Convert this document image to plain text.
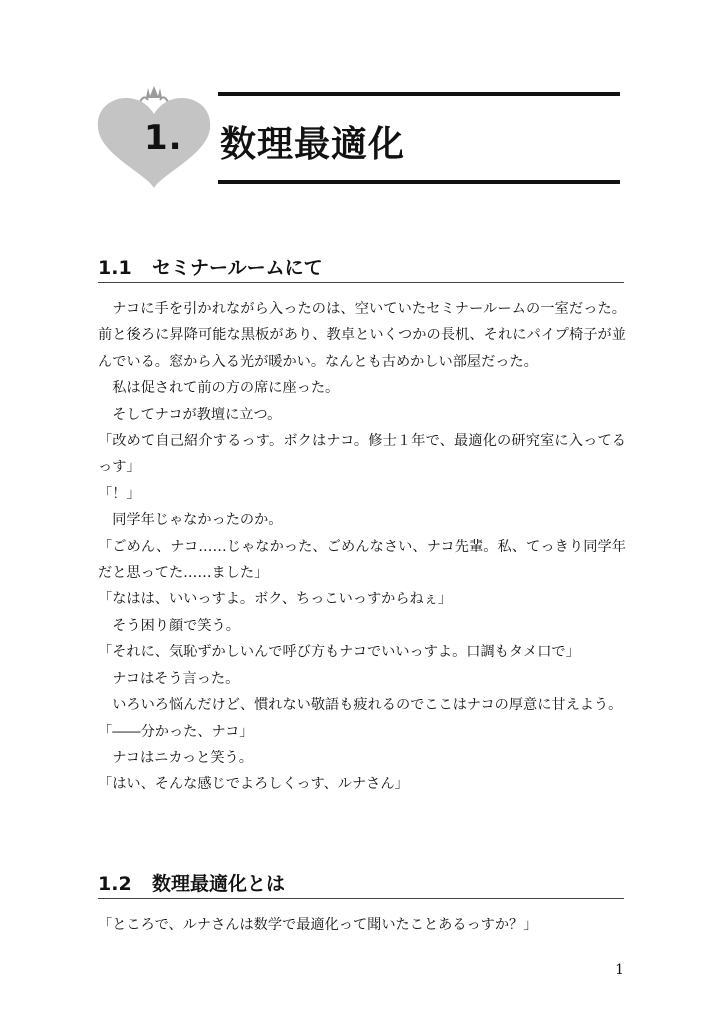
1. 数理最適化
1.1 セミナールームにて

ナコに手を引かれながら入ったのは、空いていたセミナールームの一室だった。前と後ろに昇降可能な黒板があり、教卓といくつかの長机、それにパイプ椅子が並んでいる。窓から入る光が暖かい。なんとも古めかしい部屋だった。

私は促されて前の方の席に座った。

そしてナコが教壇に立つ。

「改めて自己紹介するっす。ボクはナコ。修士１年で、最適化の研究室に入ってるっす」

「！」

同学年じゃなかったのか。

「ごめん、ナコ……じゃなかった、ごめんなさい、ナコ先輩。私、てっきり同学年だと思ってた……ました」

「なはは、いいっすよ。ボク、ちっこいっすからねぇ」

そう困り顔で笑う。

「それに、気恥ずかしいんで呼び方もナコでいいっすよ。口調もタメ口で」

ナコはそう言った。

いろいろ悩んだけど、慣れない敬語も疲れるのでここはナコの厚意に甘えよう。

「――分かった、ナコ」

ナコはニカっと笑う。

「はい、そんな感じでよろしくっす、ルナさん」

1.2 数理最適化とは

「ところで、ルナさんは数学で最適化って聞いたことあるっすか？」

1
